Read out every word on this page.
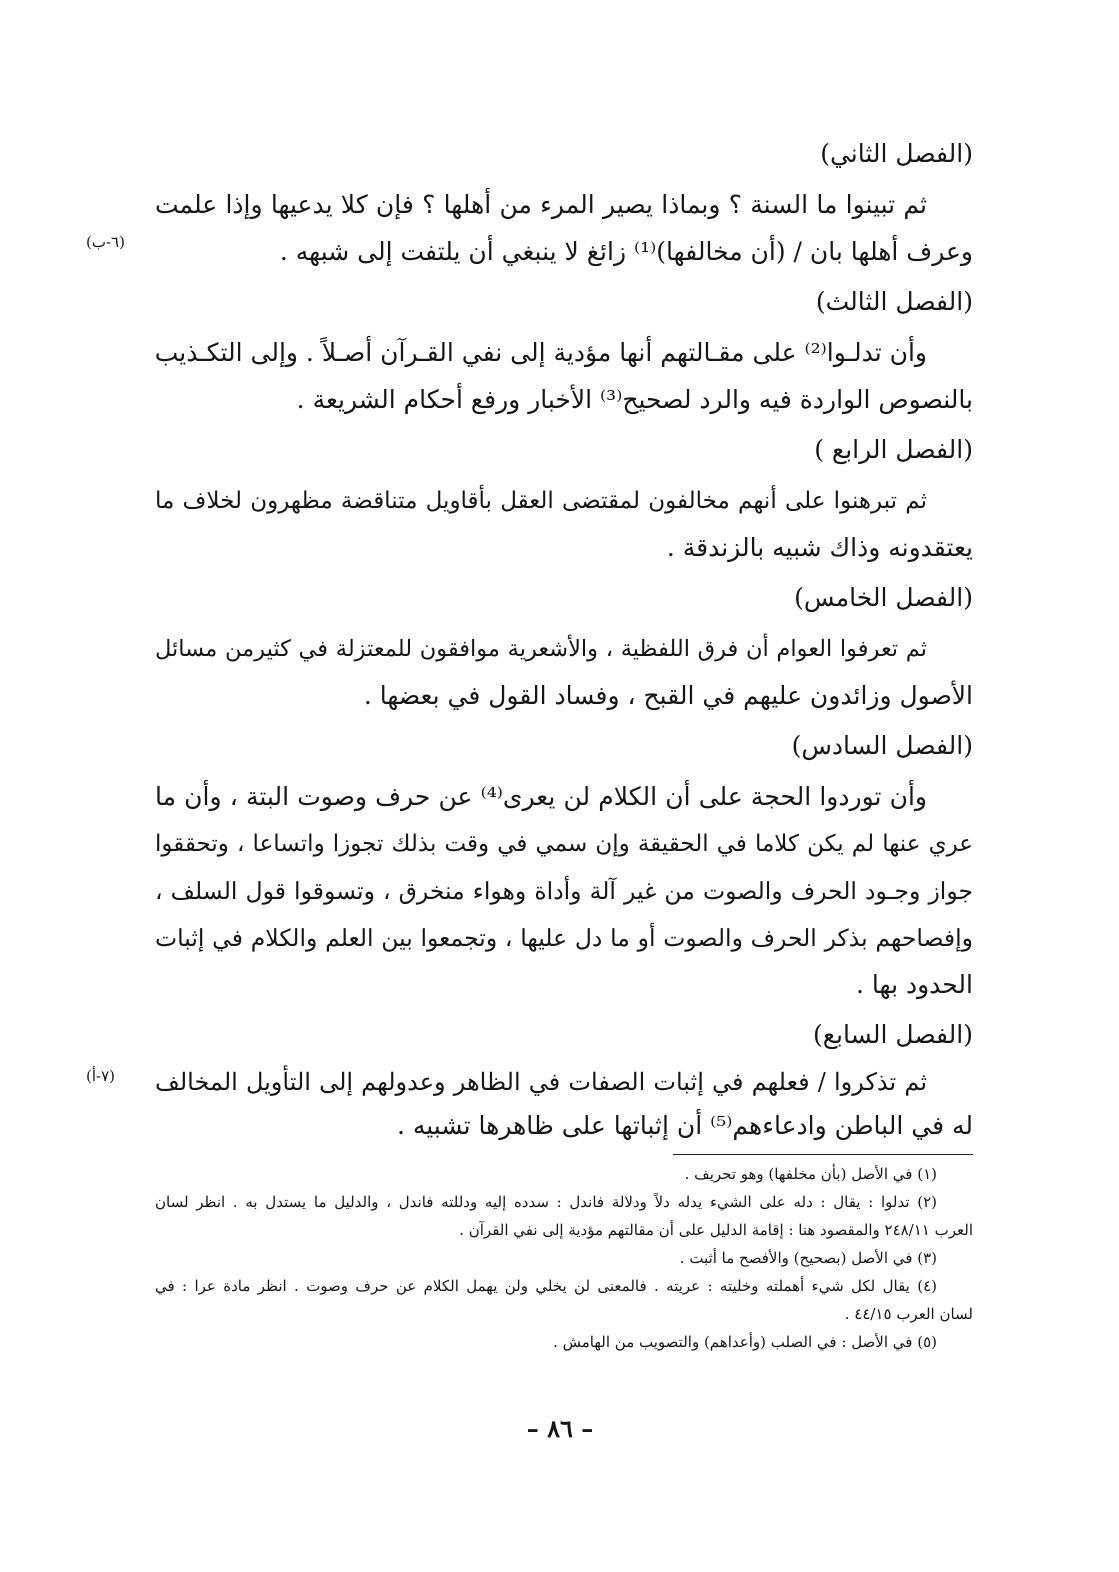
(الفصل الثاني)
ثم تبينوا ما السنة ؟ وبماذا يصير المرء من أهلها ؟ فإن كلا يدعيها وإذا علمت
وعرف أهلها بان / (أن مخالفها)⁽¹⁾ زائغ لا ينبغي أن يلتفت إلى شبهه .
(٦-ب)
(الفصل الثالث)
وأن تدلـوا⁽²⁾ على مقـالتهم أنها مؤدية إلى نفي القـرآن أصـلاً . وإلى التكـذيب
بالنصوص الواردة فيه والرد لصحيح⁽³⁾ الأخبار ورفع أحكام الشريعة .
(الفصل الرابع )
ثم تبرهنوا على أنهم مخالفون لمقتضى العقل بأقاويل متناقضة مظهرون لخلاف ما
يعتقدونه وذاك شبيه بالزندقة .
(الفصل الخامس)
ثم تعرفوا العوام أن فرق اللفظية ، والأشعرية موافقون للمعتزلة في كثيرمن مسائل
الأصول وزائدون عليهم في القبح ، وفساد القول في بعضها .
(الفصل السادس)
وأن توردوا الحجة على أن الكلام لن يعرى⁽⁴⁾ عن حرف وصوت البتة ، وأن ما
عري عنها لم يكن كلاما في الحقيقة وإن سمي في وقت بذلك تجوزا واتساعا ، وتحققوا
جواز وجـود الحرف والصوت من غير آلة وأداة وهواء منخرق ، وتسوقوا قول السلف ،
وإفصاحهم بذكر الحرف والصوت أو ما دل عليها ، وتجمعوا بين العلم والكلام في إثبات
الحدود بها .
(الفصل السابع)
ثم تذكروا / فعلهم في إثبات الصفات في الظاهر وعدولهم إلى التأويل المخالف
(٧-أ)
له في الباطن وادعاءهم⁽⁵⁾ أن إثباتها على ظاهرها تشبيه .
(١) في الأصل (بأن مخلفها) وهو تحريف .
(٢) تدلوا : يقال : دله على الشيء يدله دلاً ودلالة فاندل : سدده إليه ودللته فاندل ، والدليل ما يستدل به . انظر لسان
العرب ٢٤٨/١١ والمقصود هنا : إقامة الدليل على أن مقالتهم مؤدية إلى نفي القرآن .
(٣) في الأصل (بصحيح) والأفصح ما أثبت .
(٤) يقال لكل شيء أهملته وخليته : عريته . فالمعنى لن يخلي ولن يهمل الكلام عن حرف وصوت . انظر مادة عرا : في
لسان العرب ٤٤/١٥ .
(٥) في الأصل : في الصلب (وأعداهم) والتصويب من الهامش .
– ٨٦ –
